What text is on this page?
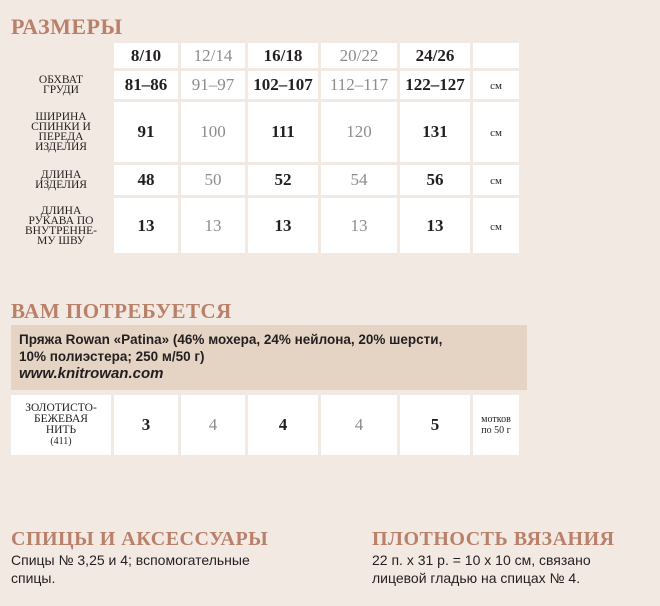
РАЗМЕРЫ
	8/10	12/14	16/18	20/22	24/26	
ОБХВАТ ГРУДИ	81–86	91–97	102–107	112–117	122–127	см
ШИРИНА СПИНКИ И ПЕРЕДА ИЗДЕЛИЯ	91	100	111	120	131	см
ДЛИНА ИЗДЕЛИЯ	48	50	52	54	56	см
ДЛИНА РУКАВА ПО ВНУТРЕННЕ-МУ ШВУ	13	13	13	13	13	см
ВАМ ПОТРЕБУЕТСЯ
Пряжа Rowan «Patina» (46% мохера, 24% нейлона, 20% шерсти,
10% полиэстера; 250 м/50 г)
www.knitrowan.com
ЗОЛОТИСТО-БЕЖЕВАЯ НИТЬ
(411)
	3	4	4	4	5	мотков
по 50 г
СПИЦЫ И АКСЕССУАРЫ
Спицы № 3,25 и 4; вспомогательные
спицы.
ПЛОТНОСТЬ ВЯЗАНИЯ
22 п. х 31 р. = 10 х 10 см, связано
лицевой гладью на спицах № 4.
